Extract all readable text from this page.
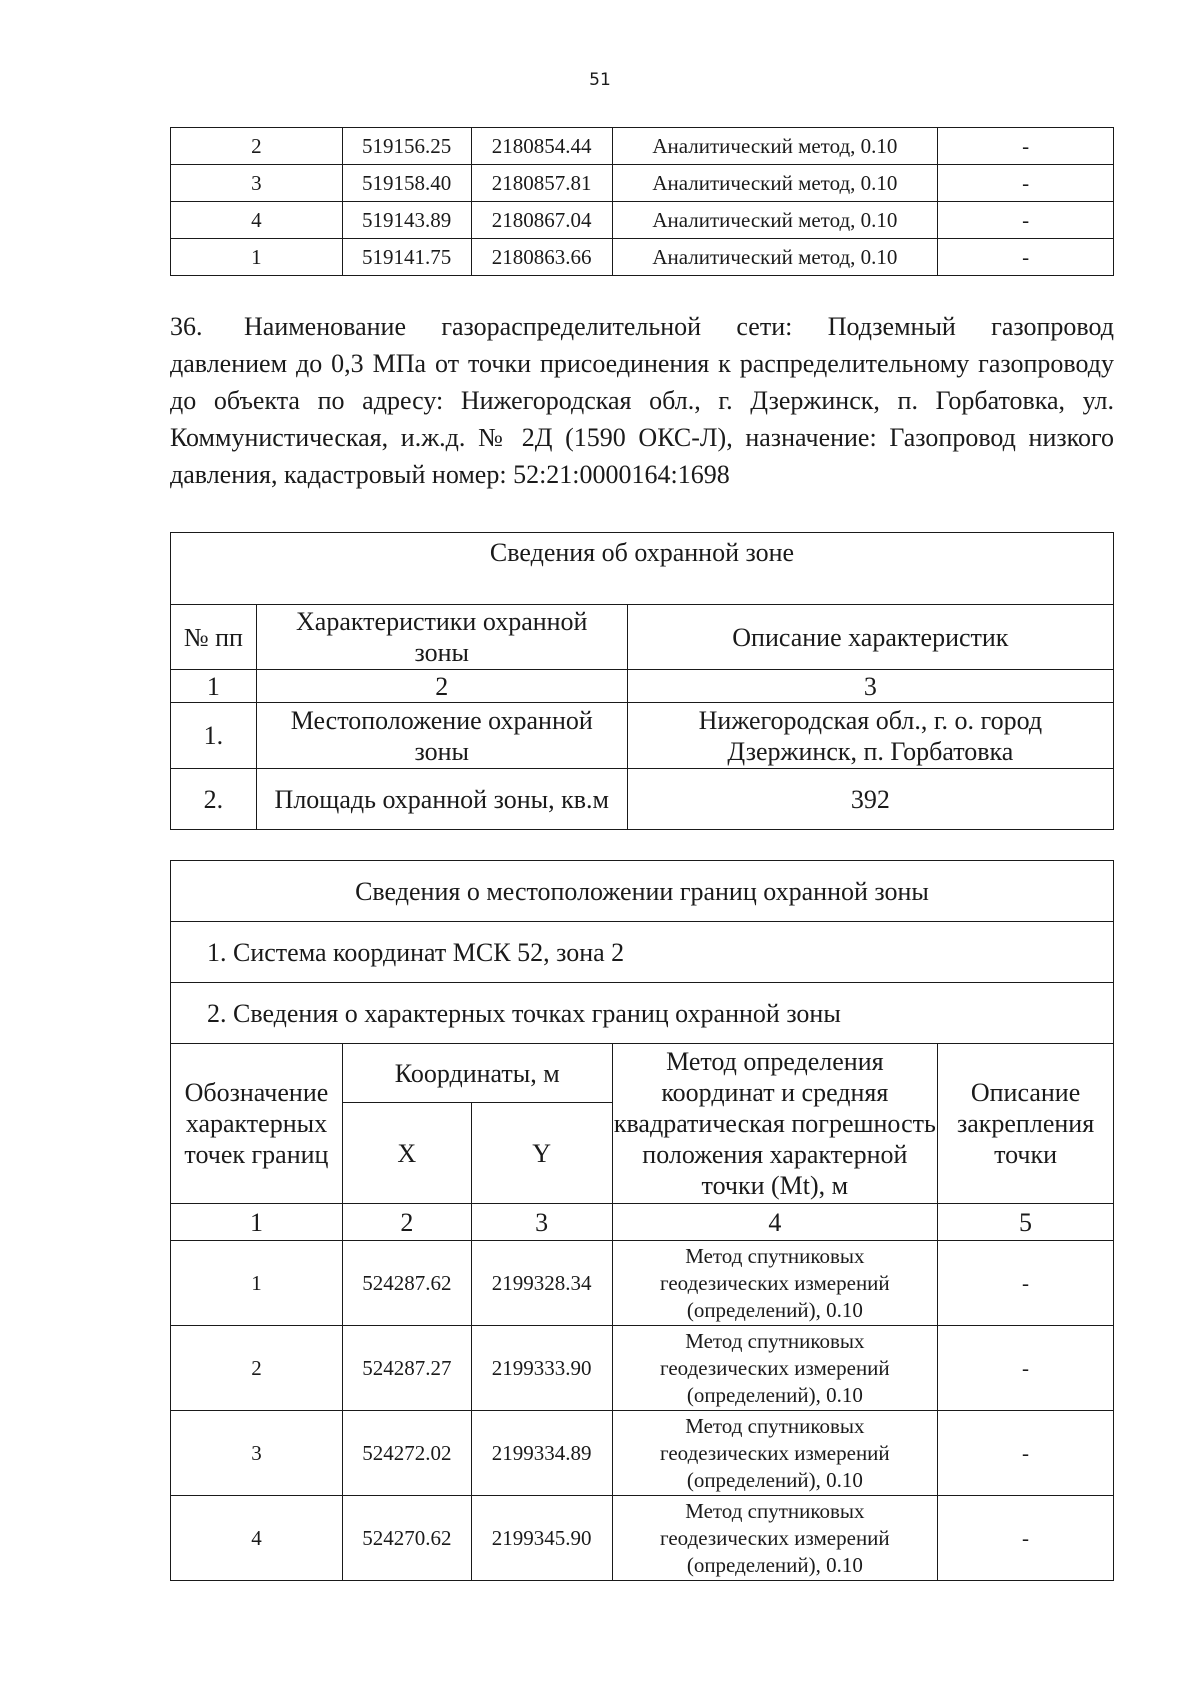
51
2	519156.25	2180854.44	Аналитический метод, 0.10	-
3	519158.40	2180857.81	Аналитический метод, 0.10	-
4	519143.89	2180867.04	Аналитический метод, 0.10	-
1	519141.75	2180863.66	Аналитический метод, 0.10	-

36. Наименование газораспределительной сети: Подземный газопровод давлением до 0,3 МПа от точки присоединения к распределительному газопроводу до объекта по адресу: Нижегородская обл., г. Дзержинск, п. Горбатовка, ул. Коммунистическая, и.ж.д. № 2Д (1590 ОКС-Л), назначение: Газопровод низкого давления, кадастровый номер: 52:21:0000164:1698

Сведения об охранной зоне		
№ пп	Характеристики охранной зоны	Описание характеристик
1	2	3
1.	Местоположение охранной зоны	Нижегородская обл., г. о. город Дзержинск, п. Горбатовка
2.	Площадь охранной зоны, кв.м	392
Сведения о местоположении границ охранной зоны				
1. Система координат МСК 52, зона 2				
2. Сведения о характерных точках границ охранной зоны				
Обозначение характерных точек границ	Координаты, м		Метод определения координат и средняя квадратическая погрешность положения характерной точки (Mt), м	Описание закрепления точки
	X	Y		
1	2	3	4	5
1	524287.62	2199328.34	Метод спутниковых геодезических измерений (определений), 0.10	-
2	524287.27	2199333.90	Метод спутниковых геодезических измерений (определений), 0.10	-
3	524272.02	2199334.89	Метод спутниковых геодезических измерений (определений), 0.10	-
4	524270.62	2199345.90	Метод спутниковых геодезических измерений (определений), 0.10	-
